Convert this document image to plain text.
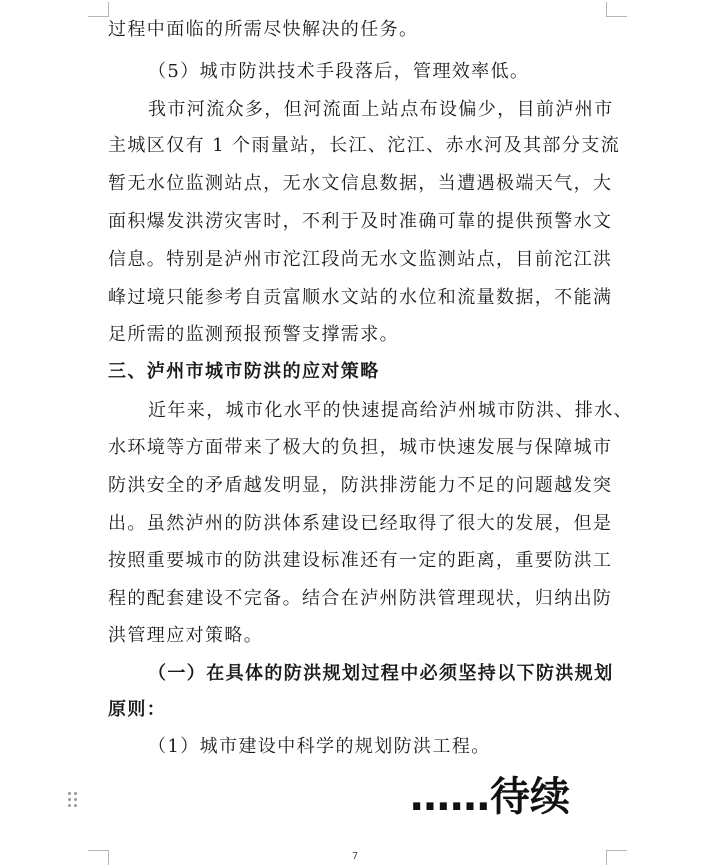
过程中面临的所需尽快解决的任务。
（5）城市防洪技术手段落后，管理效率低。
我市河流众多，但河流面上站点布设偏少，目前泸州市
主城区仅有 1 个雨量站，长江、沱江、赤水河及其部分支流
暂无水位监测站点，无水文信息数据，当遭遇极端天气，大
面积爆发洪涝灾害时，不利于及时准确可靠的提供预警水文
信息。特别是泸州市沱江段尚无水文监测站点，目前沱江洪
峰过境只能参考自贡富顺水文站的水位和流量数据，不能满
足所需的监测预报预警支撑需求。
三、泸州市城市防洪的应对策略
近年来，城市化水平的快速提高给泸州城市防洪、排水、
水环境等方面带来了极大的负担，城市快速发展与保障城市
防洪安全的矛盾越发明显，防洪排涝能力不足的问题越发突
出。虽然泸州的防洪体系建设已经取得了很大的发展，但是
按照重要城市的防洪建设标准还有一定的距离，重要防洪工
程的配套建设不完备。结合在泸州防洪管理现状，归纳出防
洪管理应对策略。
（一）在具体的防洪规划过程中必须坚持以下防洪规划
原则：
（1）城市建设中科学的规划防洪工程。
……待续
7
